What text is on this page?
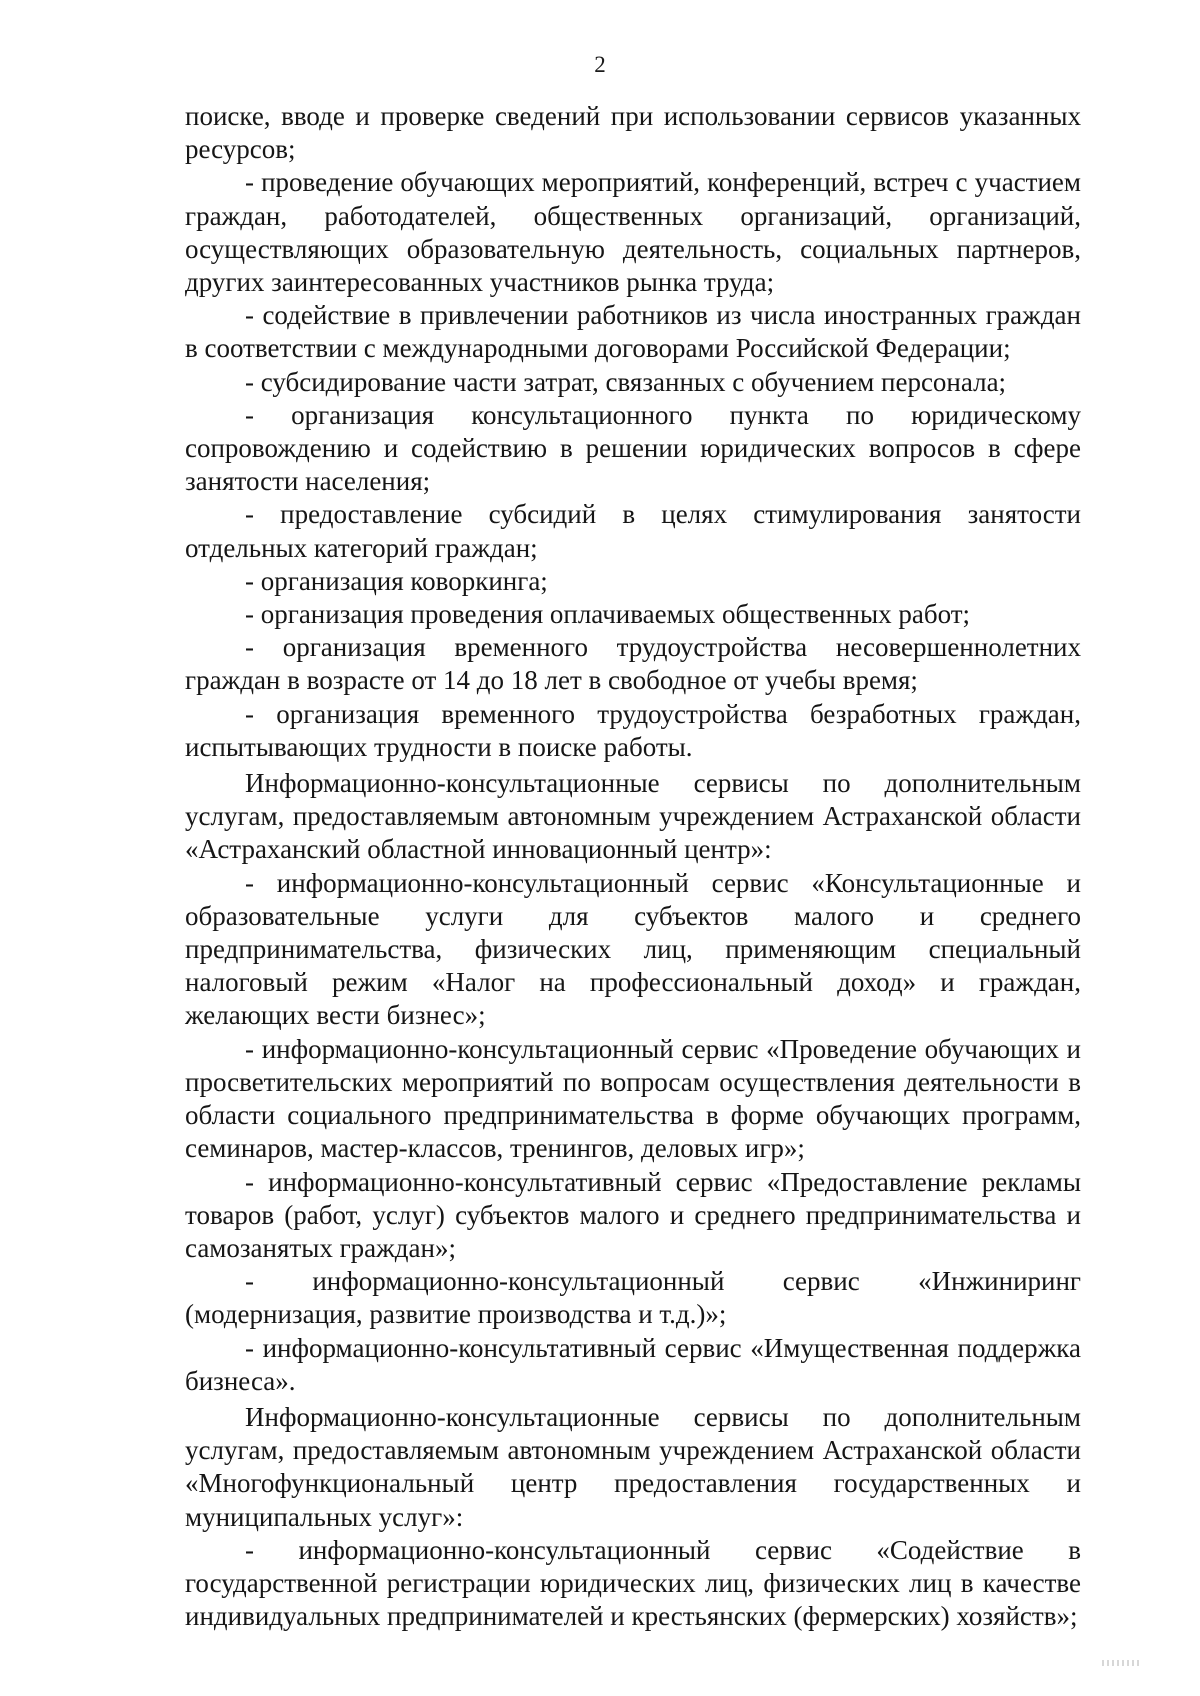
2

поиске, вводе и проверке сведений при использовании сервисов указанных ресурсов;

- проведение обучающих мероприятий, конференций, встреч с участием граждан, работодателей, общественных организаций, организаций, осуществляющих образовательную деятельность, социальных партнеров, других заинтересованных участников рынка труда;

- содействие в привлечении работников из числа иностранных граждан в соответствии с международными договорами Российской Федерации;

- субсидирование части затрат, связанных с обучением персонала;

- организация консультационного пункта по юридическому сопровождению и содействию в решении юридических вопросов в сфере занятости населения;

- предоставление субсидий в целях стимулирования занятости отдельных категорий граждан;

- организация коворкинга;

- организация проведения оплачиваемых общественных работ;

- организация временного трудоустройства несовершеннолетних граждан в возрасте от 14 до 18 лет в свободное от учебы время;

- организация временного трудоустройства безработных граждан, испытывающих трудности в поиске работы.

Информационно-консультационные сервисы по дополнительным услугам, предоставляемым автономным учреждением Астраханской области «Астраханский областной инновационный центр»:

- информационно-консультационный сервис «Консультационные и образовательные услуги для субъектов малого и среднего предпринимательства, физических лиц, применяющим специальный налоговый режим «Налог на профессиональный доход» и граждан, желающих вести бизнес»;

- информационно-консультационный сервис «Проведение обучающих и просветительских мероприятий по вопросам осуществления деятельности в области социального предпринимательства в форме обучающих программ, семинаров, мастер-классов, тренингов, деловых игр»;

- информационно-консультативный сервис «Предоставление рекламы товаров (работ, услуг) субъектов малого и среднего предпринимательства и самозанятых граждан»;

- информационно-консультационный сервис «Инжиниринг (модернизация, развитие производства и т.д.)»;

- информационно-консультативный сервис «Имущественная поддержка бизнеса».

Информационно-консультационные сервисы по дополнительным услугам, предоставляемым автономным учреждением Астраханской области «Многофункциональный центр предоставления государственных и муниципальных услуг»:

- информационно-консультационный сервис «Содействие в государственной регистрации юридических лиц, физических лиц в качестве индивидуальных предпринимателей и крестьянских (фермерских) хозяйств»;
